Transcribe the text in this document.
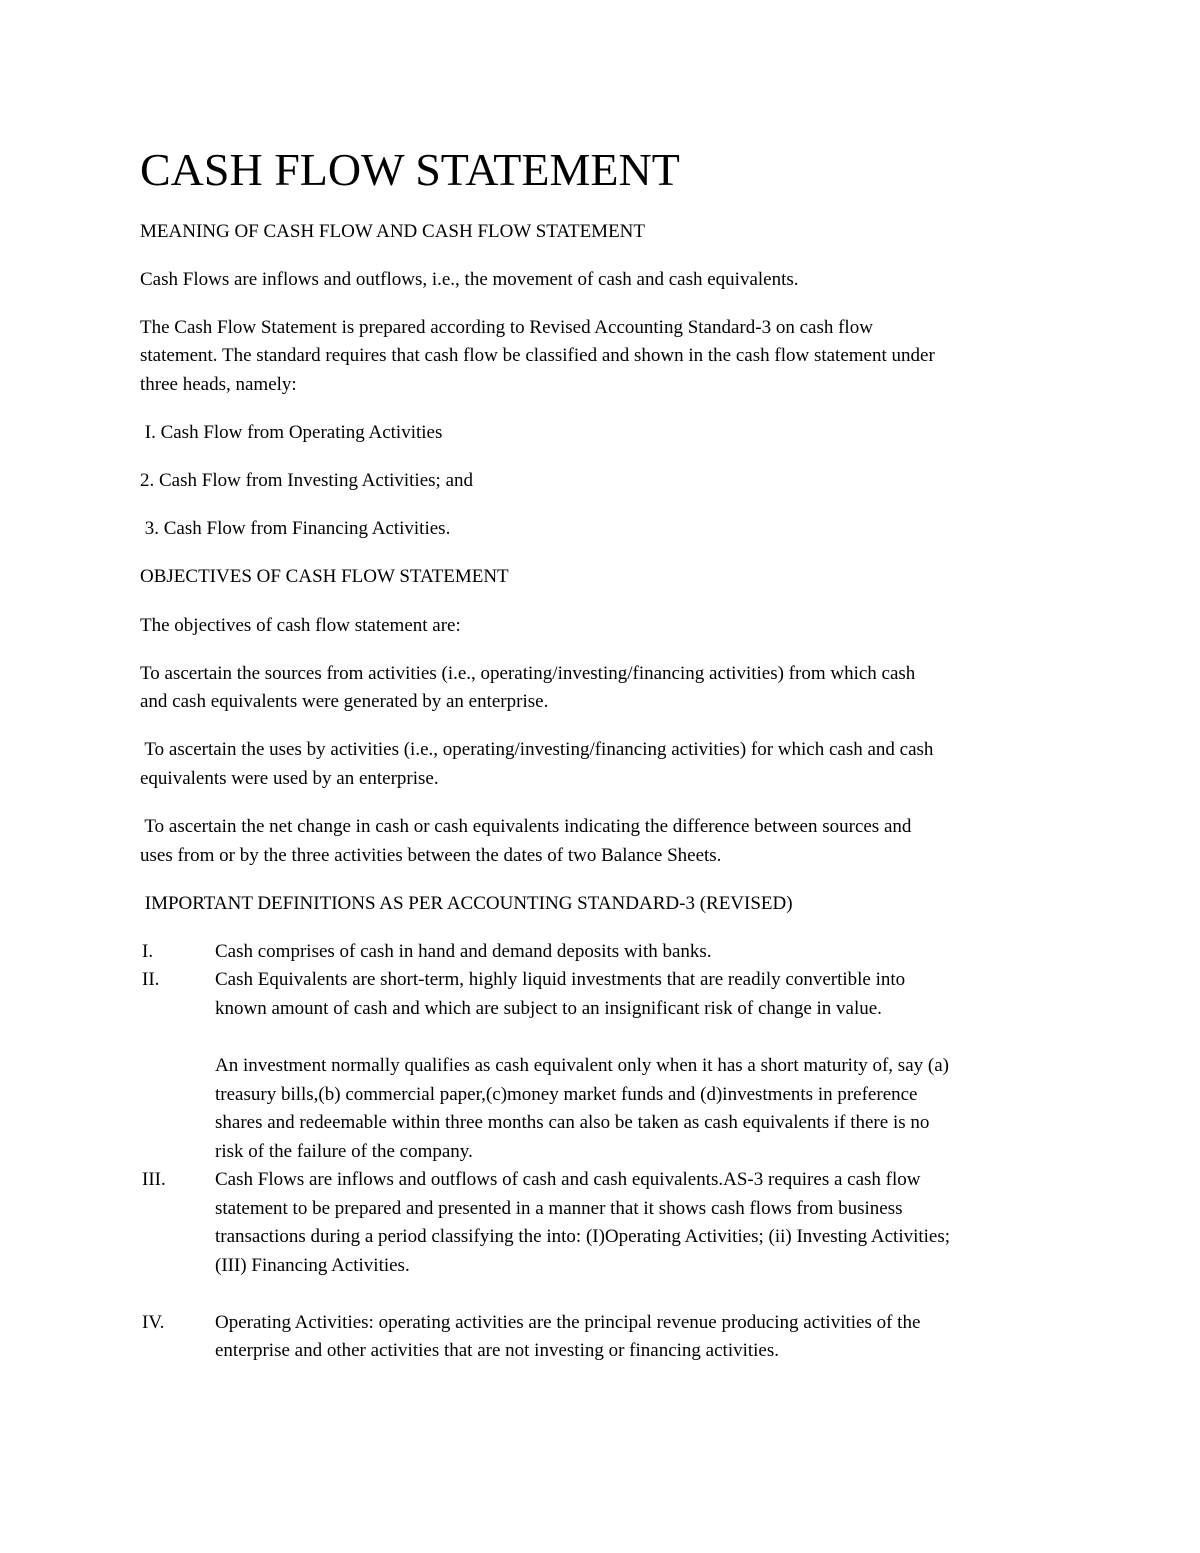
CASH FLOW STATEMENT
MEANING OF CASH FLOW AND CASH FLOW STATEMENT
Cash Flows are inflows and outflows, i.e., the movement of cash and cash equivalents.
The Cash Flow Statement is prepared according to Revised Accounting Standard-3 on cash flow
statement. The standard requires that cash flow be classified and shown in the cash flow statement under
three heads, namely:
I. Cash Flow from Operating Activities
2. Cash Flow from Investing Activities; and
3. Cash Flow from Financing Activities.
OBJECTIVES OF CASH FLOW STATEMENT
The objectives of cash flow statement are:
To ascertain the sources from activities (i.e., operating/investing/financing activities) from which cash
and cash equivalents were generated by an enterprise.
To ascertain the uses by activities (i.e., operating/investing/financing activities) for which cash and cash
equivalents were used by an enterprise.
To ascertain the net change in cash or cash equivalents indicating the difference between sources and
uses from or by the three activities between the dates of two Balance Sheets.
IMPORTANT DEFINITIONS AS PER ACCOUNTING STANDARD-3 (REVISED)
I.	Cash comprises of cash in hand and demand deposits with banks.
II.	Cash Equivalents are short-term, highly liquid investments that are readily convertible into
known amount of cash and which are subject to an insignificant risk of change in value.
An investment normally qualifies as cash equivalent only when it has a short maturity of, say (a)
treasury bills,(b) commercial paper,(c)money market funds and (d)investments in preference
shares and redeemable within three months can also be taken as cash equivalents if there is no
risk of the failure of the company.
III.	Cash Flows are inflows and outflows of cash and cash equivalents.AS-3 requires a cash flow
statement to be prepared and presented in a manner that it shows cash flows from business
transactions during a period classifying the into: (I)Operating Activities; (ii) Investing Activities;
(III) Financing Activities.
IV.	Operating Activities: operating activities are the principal revenue producing activities of the
enterprise and other activities that are not investing or financing activities.
